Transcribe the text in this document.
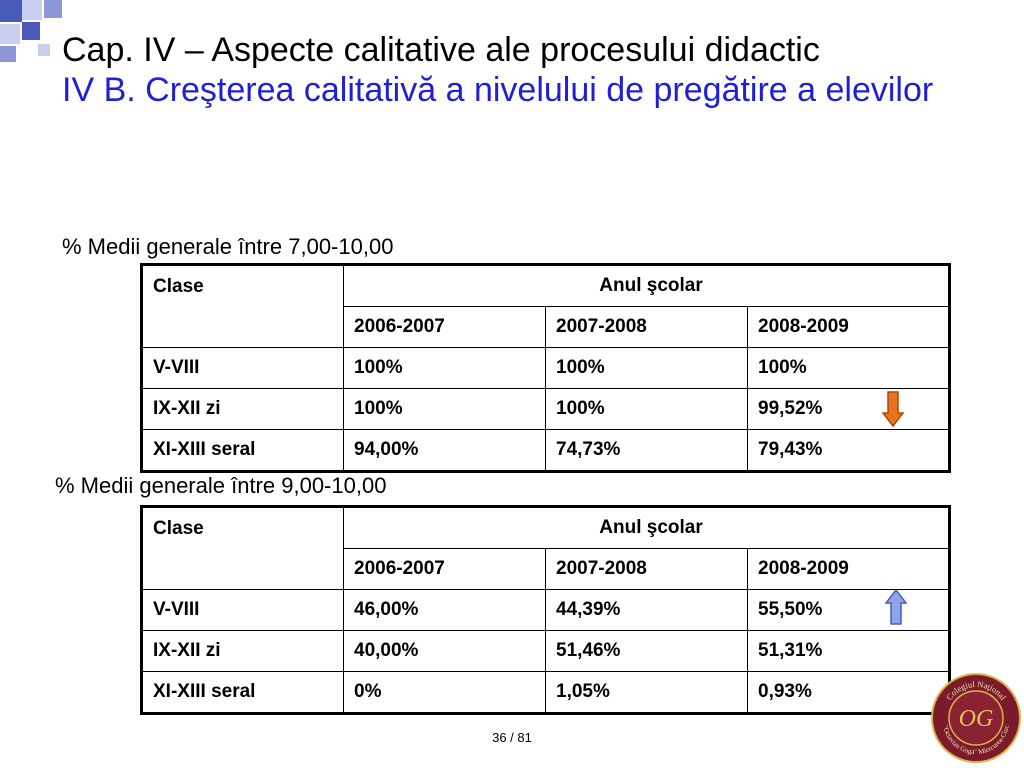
Cap. IV – Aspecte calitative ale procesului didactic
IV B. Creşterea calitativă a nivelului de pregătire a elevilor
% Medii generale între 7,00-10,00
Clase	Anul şcolar		
	2006-2007	2007-2008	2008-2009
V-VIII	100%	100%	100%
IX-XII zi	100%	100%	99,52%
XI-XIII seral	94,00%	74,73%	79,43%
% Medii generale între 9,00-10,00
Clase	Anul şcolar		
	2006-2007	2007-2008	2008-2009
V-VIII	46,00%	44,39%	55,50%
IX-XII zi	40,00%	51,46%	51,31%
XI-XIII seral	0%	1,05%	0,93%
36 / 81
Colegiul Naţional
OG
"Octavian Goga" Miercurea-Ciuc
